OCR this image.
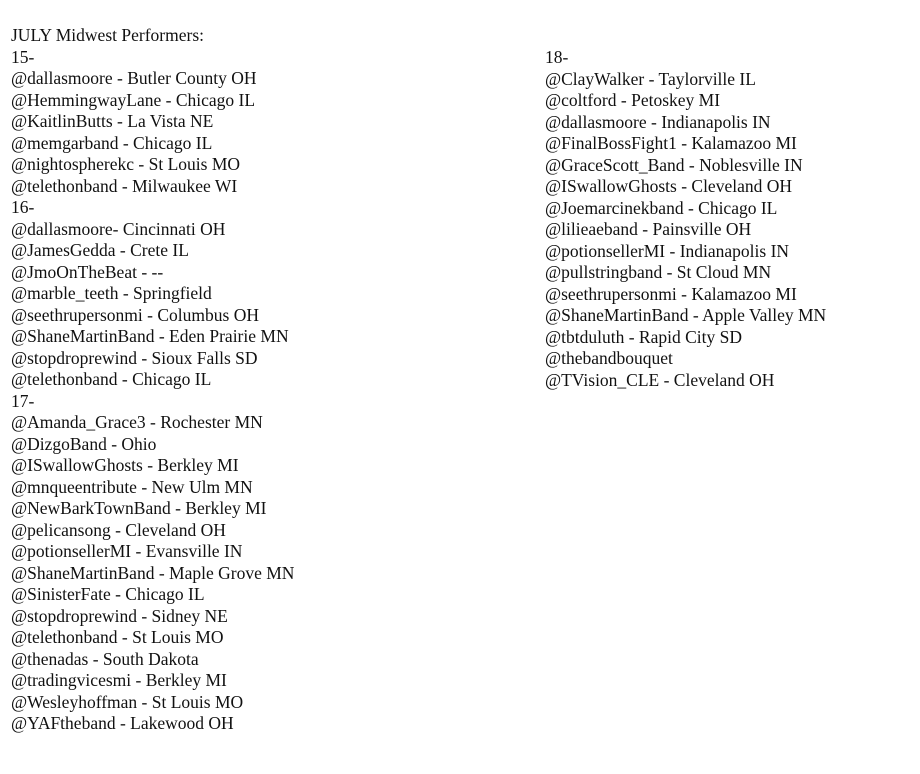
JULY Midwest Performers:
15-
@dallasmoore - Butler County OH
@HemmingwayLane - Chicago IL
@KaitlinButts - La Vista NE
@memgarband - Chicago IL
@nightospherekc - St Louis MO
@telethonband - Milwaukee WI
16-
@dallasmoore- Cincinnati OH
@JamesGedda - Crete IL
@JmoOnTheBeat - --
@marble_teeth - Springfield
@seethrupersonmi - Columbus OH
@ShaneMartinBand - Eden Prairie MN
@stopdroprewind - Sioux Falls SD
@telethonband - Chicago IL
17-
@Amanda_Grace3 - Rochester MN
@DizgoBand - Ohio
@ISwallowGhosts - Berkley MI
@mnqueentribute - New Ulm MN
@NewBarkTownBand - Berkley MI
@pelicansong - Cleveland OH
@potionsellerMI - Evansville IN
@ShaneMartinBand - Maple Grove MN
@SinisterFate - Chicago IL
@stopdroprewind - Sidney NE
@telethonband - St Louis MO
@thenadas - South Dakota
@tradingvicesmi - Berkley MI
@Wesleyhoffman - St Louis MO
@YAFtheband - Lakewood OH
18-
@ClayWalker - Taylorville IL
@coltford - Petoskey MI
@dallasmoore - Indianapolis IN
@FinalBossFight1 - Kalamazoo MI
@GraceScott_Band - Noblesville IN
@ISwallowGhosts - Cleveland OH
@Joemarcinekband - Chicago IL
@lilieaeband - Painsville OH
@potionsellerMI - Indianapolis IN
@pullstringband - St Cloud MN
@seethrupersonmi - Kalamazoo MI
@ShaneMartinBand - Apple Valley MN
@tbtduluth - Rapid City SD
@thebandbouquet
@TVision_CLE - Cleveland OH
